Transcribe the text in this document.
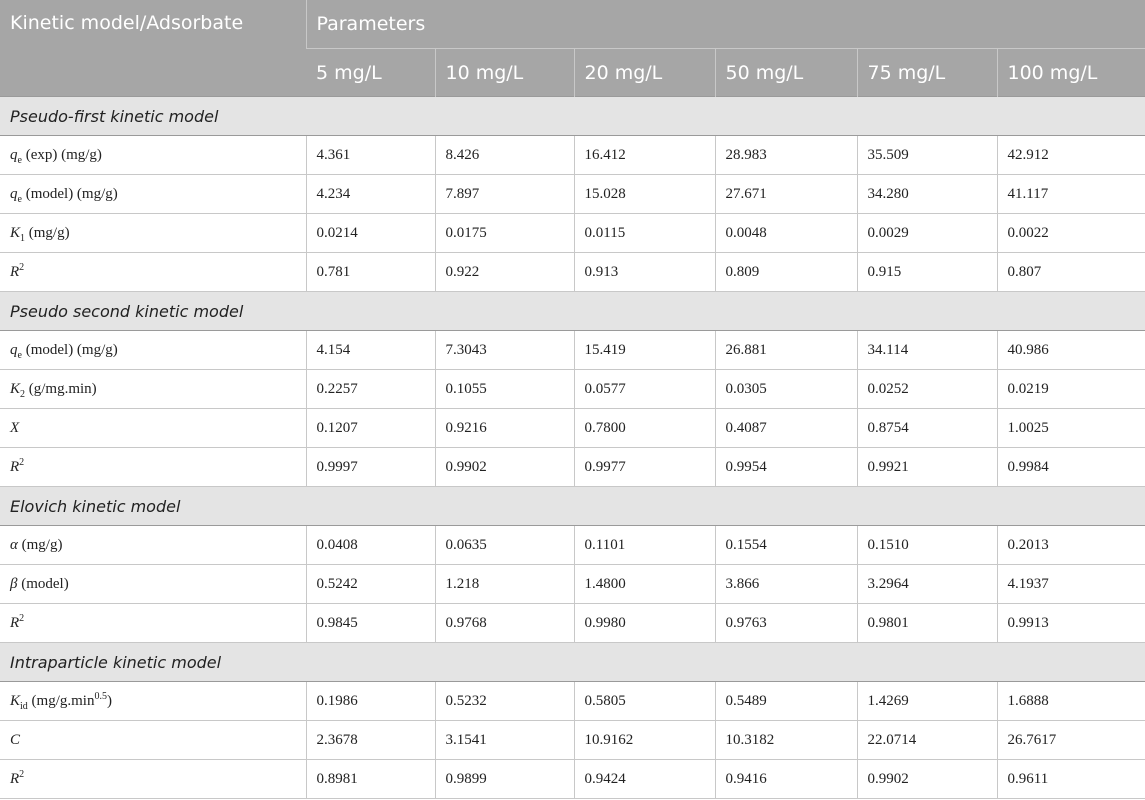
Kinetic model/Adsorbate	Parameters					
	5 mg/L	10 mg/L	20 mg/L	50 mg/L	75 mg/L	100 mg/L
Pseudo-first kinetic model						
$q_e$ (exp) (mg/g)	4.361	8.426	16.412	28.983	35.509	42.912
$q_e$ (model) (mg/g)	4.234	7.897	15.028	27.671	34.280	41.117
$K_1$ (mg/g)	0.0214	0.0175	0.0115	0.0048	0.0029	0.0022
$R^2$	0.781	0.922	0.913	0.809	0.915	0.807
Pseudo second kinetic model						
$q_e$ (model) (mg/g)	4.154	7.3043	15.419	26.881	34.114	40.986
$K_2$ (g/mg.min)	0.2257	0.1055	0.0577	0.0305	0.0252	0.0219
X	0.1207	0.9216	0.7800	0.4087	0.8754	1.0025
$R^2$	0.9997	0.9902	0.9977	0.9954	0.9921	0.9984
Elovich kinetic model						
α (mg/g)	0.0408	0.0635	0.1101	0.1554	0.1510	0.2013
β (model)	0.5242	1.218	1.4800	3.866	3.2964	4.1937
$R^2$	0.9845	0.9768	0.9980	0.9763	0.9801	0.9913
Intraparticle kinetic model						
$K_{id}$ $(mg/g.\min^{0.5})$	0.1986	0.5232	0.5805	0.5489	1.4269	1.6888
C	2.3678	3.1541	10.9162	10.3182	22.0714	26.7617
$R^2$	0.8981	0.9899	0.9424	0.9416	0.9902	0.9611
